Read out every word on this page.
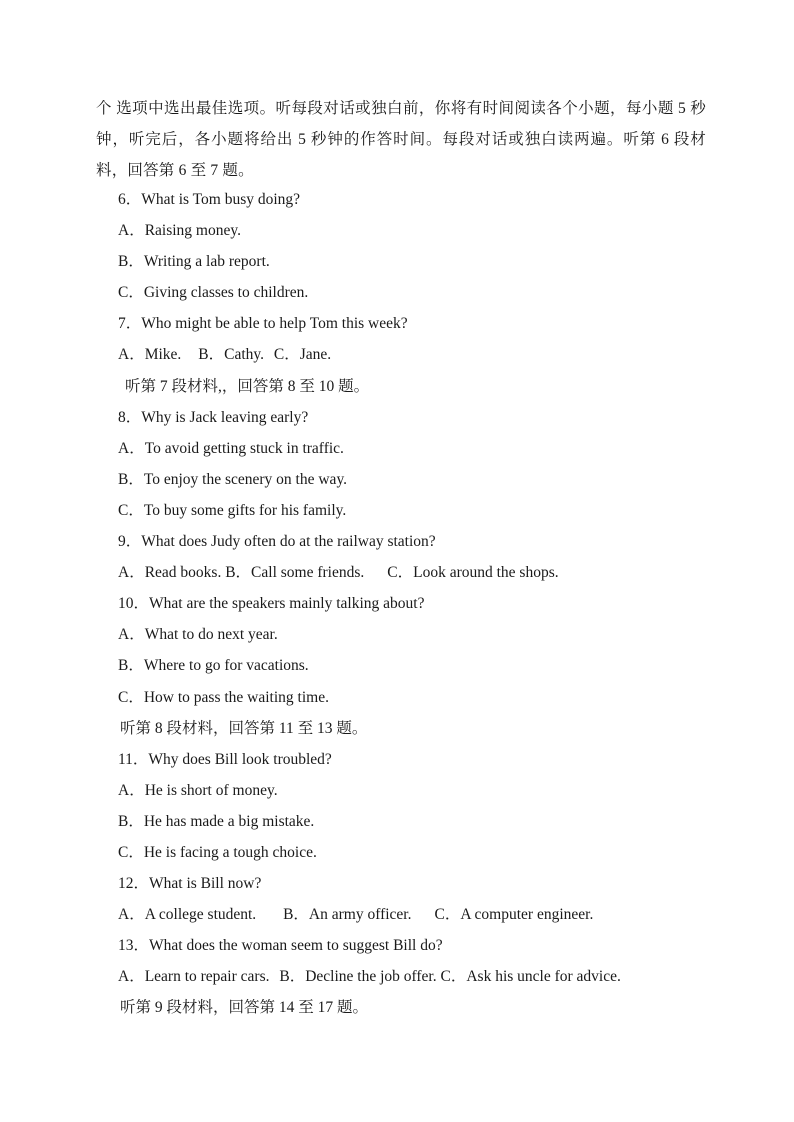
个 选项中选出最佳选项。听每段对话或独白前，你将有时间阅读各个小题，每小题 5 秒钟，听完后，各小题将给出 5 秒钟的作答时间。每段对话或独白读两遍。听第 6 段材料，回答第 6 至 7 题。

6．What is Tom busy doing?
A．Raising money.
B．Writing a lab report.
C．Giving classes to children.
7．Who might be able to help Tom this week?
A．Mike. B．Cathy. C．Jane.
听第 7 段材料,，回答第 8 至 10 题。
8．Why is Jack leaving early?
A．To avoid getting stuck in traffic.
B．To enjoy the scenery on the way.
C．To buy some gifts for his family.
9．What does Judy often do at the railway station?
A．Read books. B．Call some friends. C．Look around the shops.
10．What are the speakers mainly talking about?
A．What to do next year.
B．Where to go for vacations.
C．How to pass the waiting time.
听第 8 段材料，回答第 11 至 13 题。
11．Why does Bill look troubled?
A．He is short of money.
B．He has made a big mistake.
C．He is facing a tough choice.
12．What is Bill now?
A．A college student. B．An army officer. C．A computer engineer.
13．What does the woman seem to suggest Bill do?
A．Learn to repair cars. B．Decline the job offer. C．Ask his uncle for advice.
听第 9 段材料，回答第 14 至 17 题。
